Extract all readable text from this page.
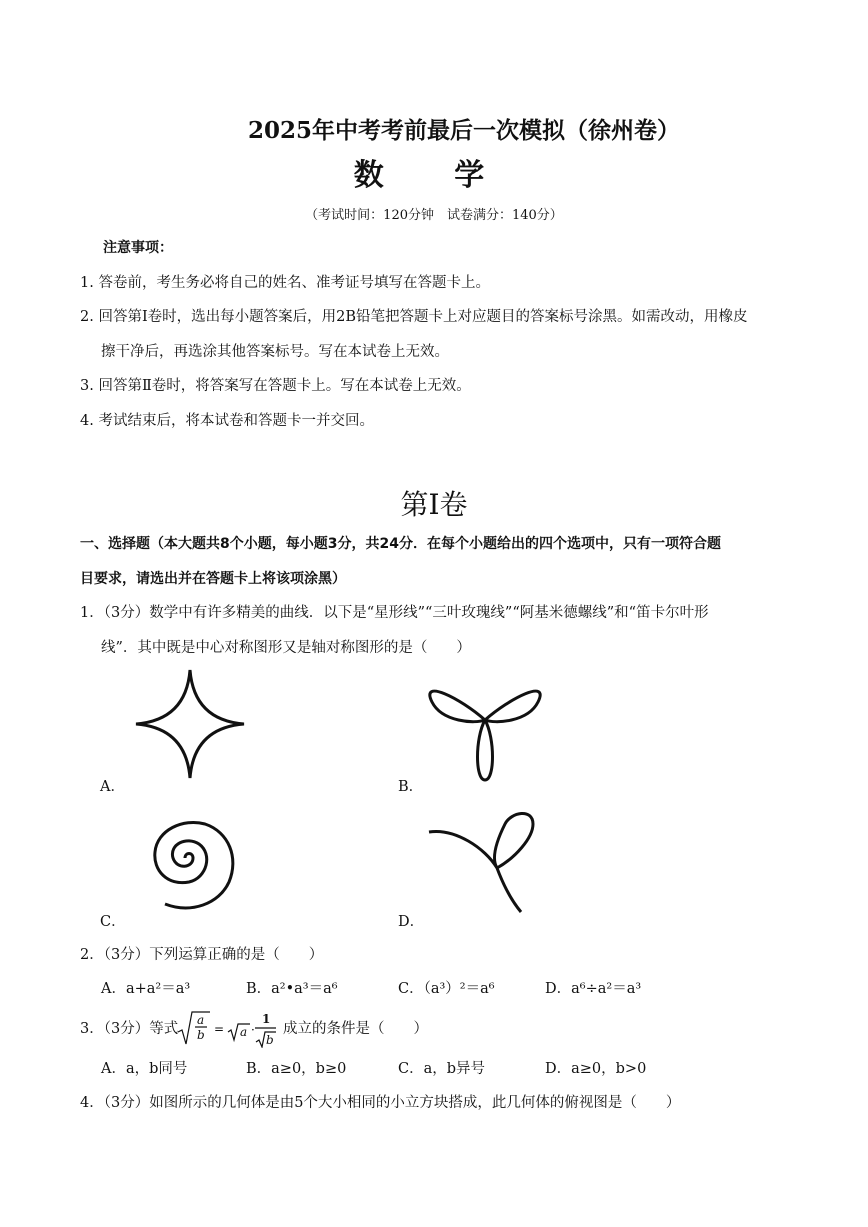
2025年中考考前最后一次模拟（徐州卷）
数 学
（考试时间：120分钟　试卷满分：140分）
注意事项：
1. 答卷前，考生务必将自己的姓名、准考证号填写在答题卡上。
2. 回答第Ⅰ卷时，选出每小题答案后，用2B铅笔把答题卡上对应题目的答案标号涂黑。如需改动，用橡皮
擦干净后，再选涂其他答案标号。写在本试卷上无效。
3. 回答第Ⅱ卷时，将答案写在答题卡上。写在本试卷上无效。
4. 考试结束后，将本试卷和答题卡一并交回。
第Ⅰ卷
一、选择题（本大题共8个小题，每小题3分，共24分．在每个小题给出的四个选项中，只有一项符合题
目要求，请选出并在答题卡上将该项涂黑）
1．（3分）数学中有许多精美的曲线．以下是“星形线”“三叶玫瑰线”“阿基米德螺线”和“笛卡尔叶形
线”．其中既是中心对称图形又是轴对称图形的是（　　）
A．	B．
C．	D．
2．（3分）下列运算正确的是（　　）
A．a+a²＝a³	B．a²•a³＝a⁶	C．（a³）²＝a⁶	D．a⁶÷a²＝a³
3．（3分）等式
a
b = a ·
1
b
成立的条件是（　　）
A．a，b同号	B．a≥0，b≥0	C．a，b异号	D．a≥0，b>0
4．（3分）如图所示的几何体是由5个大小相同的小立方块搭成，此几何体的俯视图是（　　）
